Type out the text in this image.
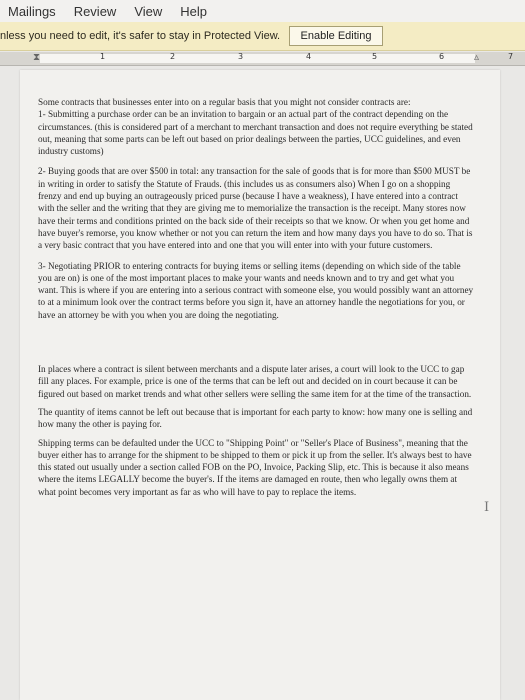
Mailings Review View Help
nless you need to edit, it's safer to stay in Protected View.	Enable Editing
⧗	▵
1	2	3	4	5	6	7

Some contracts that businesses enter into on a regular basis that you might not consider contracts are:

1- Submitting a purchase order can be an invitation to bargain or an actual part of the contract depending on the circumstances. (this is considered part of a merchant to merchant transaction and does not require everything be stated out, meaning that some parts can be left out based on prior dealings between the parties, UCC guidelines, and even industry customs)

2- Buying goods that are over $500 in total: any transaction for the sale of goods that is for more than $500 MUST be in writing in order to satisfy the Statute of Frauds. (this includes us as consumers also) When I go on a shopping frenzy and end up buying an outrageously priced purse (because I have a weakness), I have entered into a contract with the seller and the writing that they are giving me to memorialize the transaction is the receipt. Many stores now have their terms and conditions printed on the back side of their receipts so that we know. Or when you get home and have buyer's remorse, you know whether or not you can return the item and how many days you have to do so. That is a very basic contract that you have entered into and one that you will enter into with your future customers.

3- Negotiating PRIOR to entering contracts for buying items or selling items (depending on which side of the table you are on) is one of the most important places to make your wants and needs known and to try and get what you want. This is where if you are entering into a serious contract with someone else, you would possibly want an attorney to at a minimum look over the contract terms before you sign it, have an attorney handle the negotiations for you, or have an attorney be with you when you are doing the negotiating.

In places where a contract is silent between merchants and a dispute later arises, a court will look to the UCC to gap fill any places. For example, price is one of the terms that can be left out and decided on in court because it can be figured out based on market trends and what other sellers were selling the same item for at the time of the transaction.

The quantity of items cannot be left out because that is important for each party to know: how many one is selling and how many the other is paying for.

Shipping terms can be defaulted under the UCC to "Shipping Point" or "Seller's Place of Business", meaning that the buyer either has to arrange for the shipment to be shipped to them or pick it up from the seller. It's always best to have this stated out usually under a section called FOB on the PO, Invoice, Packing Slip, etc. This is because it also means where the items LEGALLY become the buyer's. If the items are damaged en route, then who legally owns them at what point becomes very important as far as who will have to pay to replace the items.

I
